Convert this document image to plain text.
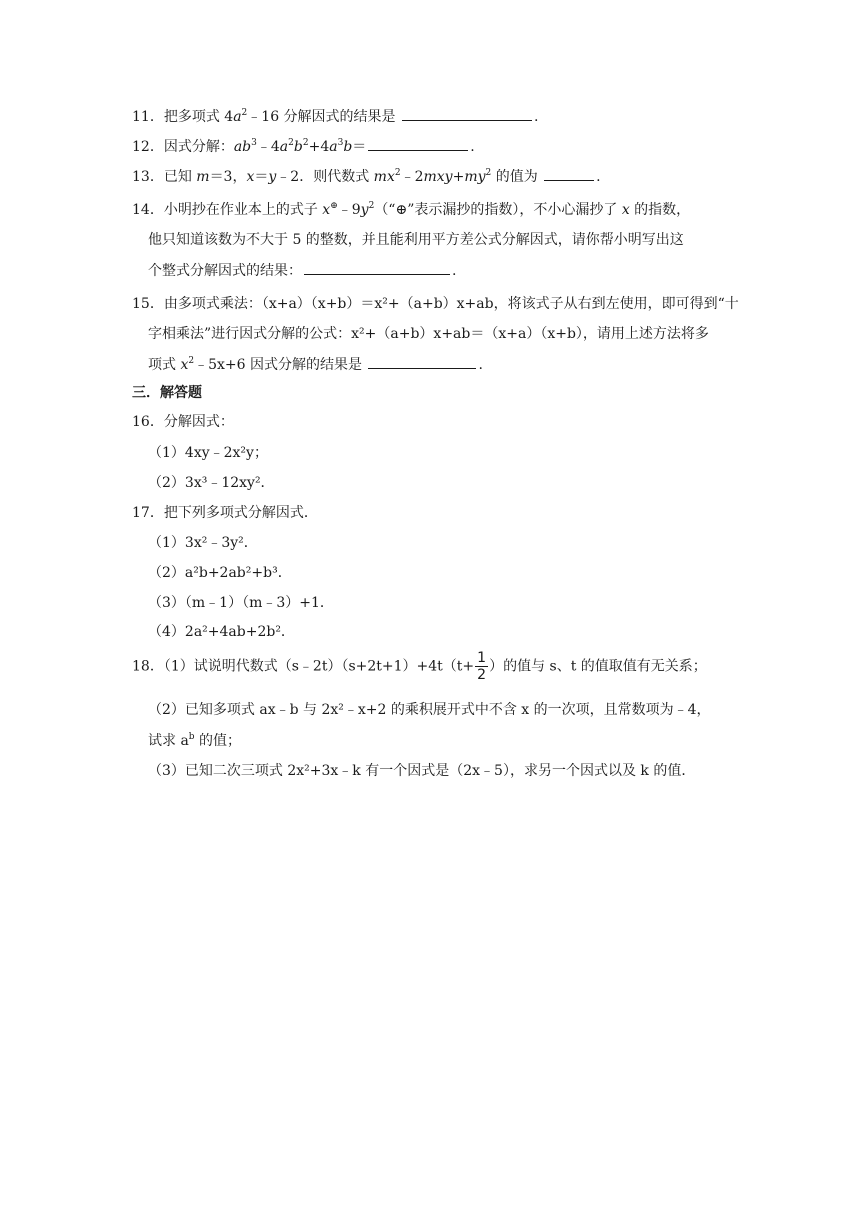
11．把多项式 $4a^2﹣16$ 分解因式的结果是	.
12．因式分解：$ab^3﹣4a^2b^2+4a^3b=$	.
13．已知 m＝3，x＝y﹣2．则代数式 $mx^2﹣2mxy+my^2$ 的值为	.
14．小明抄在作业本上的式子 $x^\oplus﹣9y^2(“\oplus$”表示漏抄的指数），不小心漏抄了 x 的指数，
他只知道该数为不大于 5 的整数，并且能利用平方差公式分解因式，请你帮小明写出这
个整式分解因式的结果：	.
15．由多项式乘法：（x+a）（x+b）＝x²+（a+b）x+ab，将该式子从右到左使用，即可得到“十
字相乘法”进行因式分解的公式：x²+（a+b）x+ab＝（x+a）（x+b），请用上述方法将多
项式 $x^2﹣5x+6$ 因式分解的结果是	.
三．解答题
16．分解因式：
（1）4xy﹣2x²y；
（2）3x³﹣12xy²．
17．把下列多项式分解因式．
（1）3x²﹣3y²．
（2）a²b+2ab²+b³．
（3）（m﹣1）（m﹣3）+1．
（4）2a²+4ab+2b²．
18．（1）试说明代数式（s﹣2t）（s+2t+1）+4t（t+ $\frac{1}{2}$ ）的值与 s、t 的值取值有无关系；
（2）已知多项式 ax﹣b 与 2x²﹣x+2 的乘积展开式中不含 x 的一次项，且常数项为﹣4，
试求 $a^b$ 的值；
（3）已知二次三项式 2x²+3x﹣k 有一个因式是（2x﹣5），求另一个因式以及 k 的值．
